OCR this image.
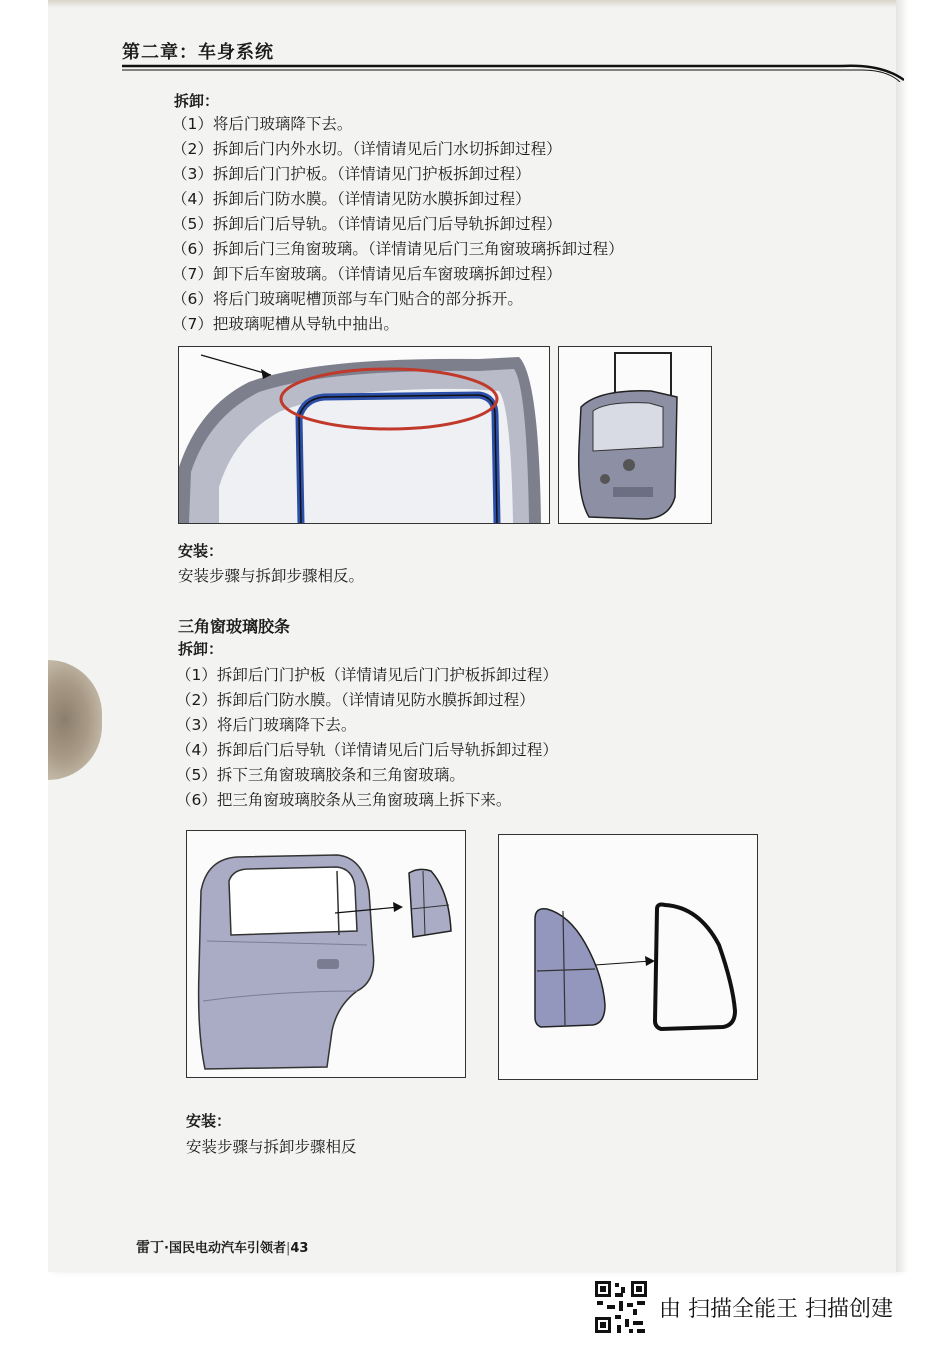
第二章：车身系统
拆卸：
（1）将后门玻璃降下去。
（2）拆卸后门内外水切。（详情请见后门水切拆卸过程）
（3）拆卸后门门护板。（详情请见门护板拆卸过程）
（4）拆卸后门防水膜。（详情请见防水膜拆卸过程）
（5）拆卸后门后导轨。（详情请见后门后导轨拆卸过程）
（6）拆卸后门三角窗玻璃。（详情请见后门三角窗玻璃拆卸过程）
（7）卸下后车窗玻璃。（详情请见后车窗玻璃拆卸过程）
（6）将后门玻璃呢槽顶部与车门贴合的部分拆开。
（7）把玻璃呢槽从导轨中抽出。
安装：
安装步骤与拆卸步骤相反。
三角窗玻璃胶条
拆卸：
（1）拆卸后门门护板（详情请见后门门护板拆卸过程）
（2）拆卸后门防水膜。（详情请见防水膜拆卸过程）
（3）将后门玻璃降下去。
（4）拆卸后门后导轨（详情请见后门后导轨拆卸过程）
（5）拆下三角窗玻璃胶条和三角窗玻璃。
（6）把三角窗玻璃胶条从三角窗玻璃上拆下来。
安装：
安装步骤与拆卸步骤相反
雷丁·国民电动汽车引领者|43
由 扫描全能王 扫描创建
